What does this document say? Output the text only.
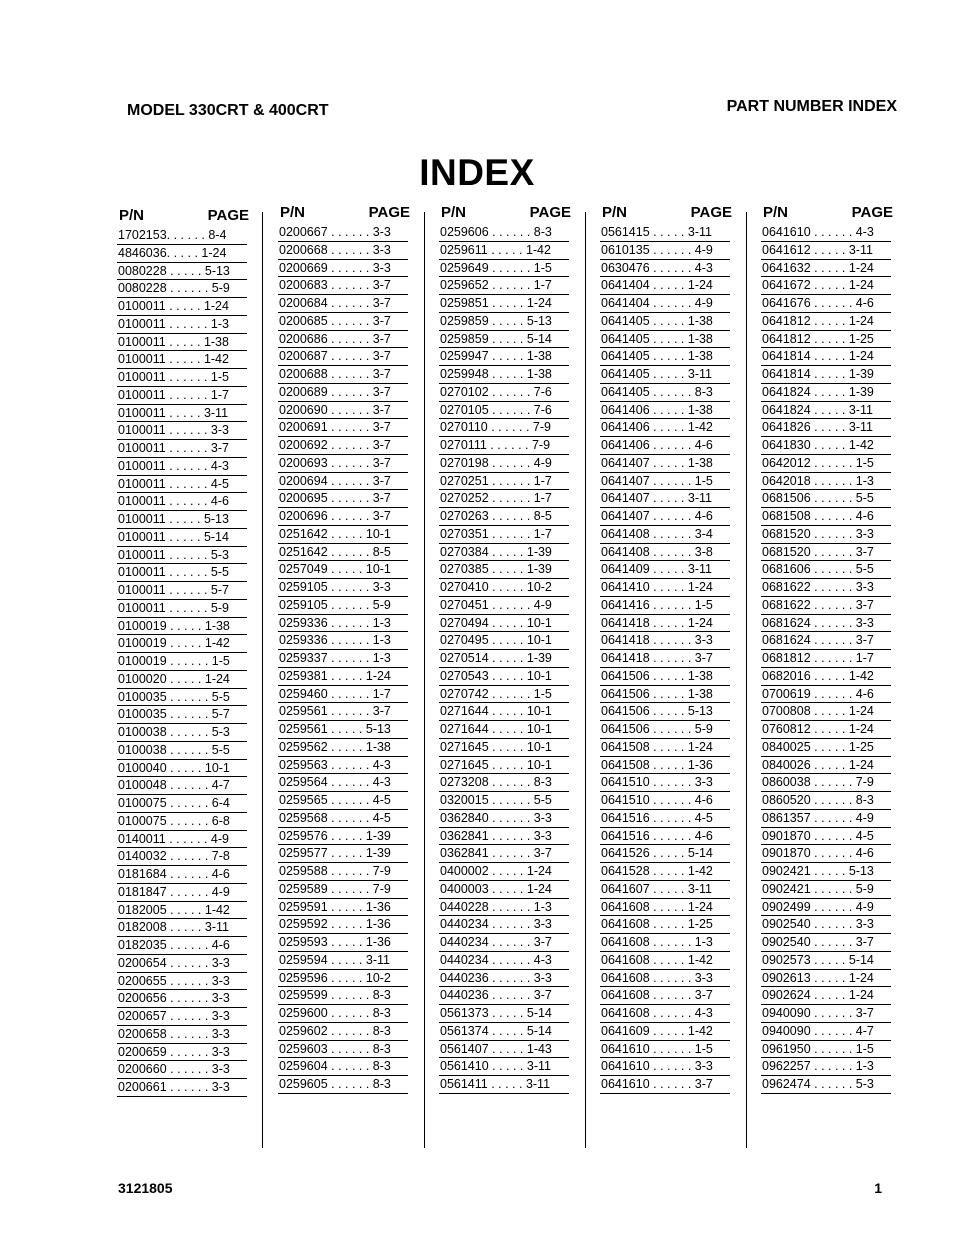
MODEL 330CRT & 400CRT	PART NUMBER INDEX
INDEX
P/N	PAGE
1702153. . . . . . 8-4
4846036. . . . . 1-24
0080228 . . . . . 5-13
0080228 . . . . . . 5-9
0100011 . . . . . 1-24
0100011 . . . . . . 1-3
0100011 . . . . . 1-38
0100011 . . . . . 1-42
0100011 . . . . . . 1-5
0100011 . . . . . . 1-7
0100011 . . . . . 3-11
0100011 . . . . . . 3-3
0100011 . . . . . . 3-7
0100011 . . . . . . 4-3
0100011 . . . . . . 4-5
0100011 . . . . . . 4-6
0100011 . . . . . 5-13
0100011 . . . . . 5-14
0100011 . . . . . . 5-3
0100011 . . . . . . 5-5
0100011 . . . . . . 5-7
0100011 . . . . . . 5-9
0100019 . . . . . 1-38
0100019 . . . . . 1-42
0100019 . . . . . . 1-5
0100020 . . . . . 1-24
0100035 . . . . . . 5-5
0100035 . . . . . . 5-7
0100038 . . . . . . 5-3
0100038 . . . . . . 5-5
0100040 . . . . . 10-1
0100048 . . . . . . 4-7
0100075 . . . . . . 6-4
0100075 . . . . . . 6-8
0140011 . . . . . . 4-9
0140032 . . . . . . 7-8
0181684 . . . . . . 4-6
0181847 . . . . . . 4-9
0182005 . . . . . 1-42
0182008 . . . . . 3-11
0182035 . . . . . . 4-6
0200654 . . . . . . 3-3
0200655 . . . . . . 3-3
0200656 . . . . . . 3-3
0200657 . . . . . . 3-3
0200658 . . . . . . 3-3
0200659 . . . . . . 3-3
0200660 . . . . . . 3-3
0200661 . . . . . . 3-3
P/N	PAGE
0200667 . . . . . . 3-3
0200668 . . . . . . 3-3
0200669 . . . . . . 3-3
0200683 . . . . . . 3-7
0200684 . . . . . . 3-7
0200685 . . . . . . 3-7
0200686 . . . . . . 3-7
0200687 . . . . . . 3-7
0200688 . . . . . . 3-7
0200689 . . . . . . 3-7
0200690 . . . . . . 3-7
0200691 . . . . . . 3-7
0200692 . . . . . . 3-7
0200693 . . . . . . 3-7
0200694 . . . . . . 3-7
0200695 . . . . . . 3-7
0200696 . . . . . . 3-7
0251642 . . . . . 10-1
0251642 . . . . . . 8-5
0257049 . . . . . 10-1
0259105 . . . . . . 3-3
0259105 . . . . . . 5-9
0259336 . . . . . . 1-3
0259336 . . . . . . 1-3
0259337 . . . . . . 1-3
0259381 . . . . . 1-24
0259460 . . . . . . 1-7
0259561 . . . . . . 3-7
0259561 . . . . . 5-13
0259562 . . . . . 1-38
0259563 . . . . . . 4-3
0259564 . . . . . . 4-3
0259565 . . . . . . 4-5
0259568 . . . . . . 4-5
0259576 . . . . . 1-39
0259577 . . . . . 1-39
0259588 . . . . . . 7-9
0259589 . . . . . . 7-9
0259591 . . . . . 1-36
0259592 . . . . . 1-36
0259593 . . . . . 1-36
0259594 . . . . . 3-11
0259596 . . . . . 10-2
0259599 . . . . . . 8-3
0259600 . . . . . . 8-3
0259602 . . . . . . 8-3
0259603 . . . . . . 8-3
0259604 . . . . . . 8-3
0259605 . . . . . . 8-3
P/N	PAGE
0259606 . . . . . . 8-3
0259611 . . . . . 1-42
0259649 . . . . . . 1-5
0259652 . . . . . . 1-7
0259851 . . . . . 1-24
0259859 . . . . . 5-13
0259859 . . . . . 5-14
0259947 . . . . . 1-38
0259948 . . . . . 1-38
0270102 . . . . . . 7-6
0270105 . . . . . . 7-6
0270110 . . . . . . 7-9
0270111 . . . . . . 7-9
0270198 . . . . . . 4-9
0270251 . . . . . . 1-7
0270252 . . . . . . 1-7
0270263 . . . . . . 8-5
0270351 . . . . . . 1-7
0270384 . . . . . 1-39
0270385 . . . . . 1-39
0270410 . . . . . 10-2
0270451 . . . . . . 4-9
0270494 . . . . . 10-1
0270495 . . . . . 10-1
0270514 . . . . . 1-39
0270543 . . . . . 10-1
0270742 . . . . . . 1-5
0271644 . . . . . 10-1
0271644 . . . . . 10-1
0271645 . . . . . 10-1
0271645 . . . . . 10-1
0273208 . . . . . . 8-3
0320015 . . . . . . 5-5
0362840 . . . . . . 3-3
0362841 . . . . . . 3-3
0362841 . . . . . . 3-7
0400002 . . . . . 1-24
0400003 . . . . . 1-24
0440228 . . . . . . 1-3
0440234 . . . . . . 3-3
0440234 . . . . . . 3-7
0440234 . . . . . . 4-3
0440236 . . . . . . 3-3
0440236 . . . . . . 3-7
0561373 . . . . . 5-14
0561374 . . . . . 5-14
0561407 . . . . . 1-43
0561410 . . . . . 3-11
0561411 . . . . . 3-11
P/N	PAGE
0561415 . . . . . 3-11
0610135 . . . . . . 4-9
0630476 . . . . . . 4-3
0641404 . . . . . 1-24
0641404 . . . . . . 4-9
0641405 . . . . . 1-38
0641405 . . . . . 1-38
0641405 . . . . . 1-38
0641405 . . . . . 3-11
0641405 . . . . . . 8-3
0641406 . . . . . 1-38
0641406 . . . . . 1-42
0641406 . . . . . . 4-6
0641407 . . . . . 1-38
0641407 . . . . . . 1-5
0641407 . . . . . 3-11
0641407 . . . . . . 4-6
0641408 . . . . . . 3-4
0641408 . . . . . . 3-8
0641409 . . . . . 3-11
0641410 . . . . . 1-24
0641416 . . . . . . 1-5
0641418 . . . . . 1-24
0641418 . . . . . . 3-3
0641418 . . . . . . 3-7
0641506 . . . . . 1-38
0641506 . . . . . 1-38
0641506 . . . . . 5-13
0641506 . . . . . . 5-9
0641508 . . . . . 1-24
0641508 . . . . . 1-36
0641510 . . . . . . 3-3
0641510 . . . . . . 4-6
0641516 . . . . . . 4-5
0641516 . . . . . . 4-6
0641526 . . . . . 5-14
0641528 . . . . . 1-42
0641607 . . . . . 3-11
0641608 . . . . . 1-24
0641608 . . . . . 1-25
0641608 . . . . . . 1-3
0641608 . . . . . 1-42
0641608 . . . . . . 3-3
0641608 . . . . . . 3-7
0641608 . . . . . . 4-3
0641609 . . . . . 1-42
0641610 . . . . . . 1-5
0641610 . . . . . . 3-3
0641610 . . . . . . 3-7
P/N	PAGE
0641610 . . . . . . 4-3
0641612 . . . . . 3-11
0641632 . . . . . 1-24
0641672 . . . . . 1-24
0641676 . . . . . . 4-6
0641812 . . . . . 1-24
0641812 . . . . . 1-25
0641814 . . . . . 1-24
0641814 . . . . . 1-39
0641824 . . . . . 1-39
0641824 . . . . . 3-11
0641826 . . . . . 3-11
0641830 . . . . . 1-42
0642012 . . . . . . 1-5
0642018 . . . . . . 1-3
0681506 . . . . . . 5-5
0681508 . . . . . . 4-6
0681520 . . . . . . 3-3
0681520 . . . . . . 3-7
0681606 . . . . . . 5-5
0681622 . . . . . . 3-3
0681622 . . . . . . 3-7
0681624 . . . . . . 3-3
0681624 . . . . . . 3-7
0681812 . . . . . . 1-7
0682016 . . . . . 1-42
0700619 . . . . . . 4-6
0700808 . . . . . 1-24
0760812 . . . . . 1-24
0840025 . . . . . 1-25
0840026 . . . . . 1-24
0860038 . . . . . . 7-9
0860520 . . . . . . 8-3
0861357 . . . . . . 4-9
0901870 . . . . . . 4-5
0901870 . . . . . . 4-6
0902421 . . . . . 5-13
0902421 . . . . . . 5-9
0902499 . . . . . . 4-9
0902540 . . . . . . 3-3
0902540 . . . . . . 3-7
0902573 . . . . . 5-14
0902613 . . . . . 1-24
0902624 . . . . . 1-24
0940090 . . . . . . 3-7
0940090 . . . . . . 4-7
0961950 . . . . . . 1-5
0962257 . . . . . . 1-3
0962474 . . . . . . 5-3
3121805	1
